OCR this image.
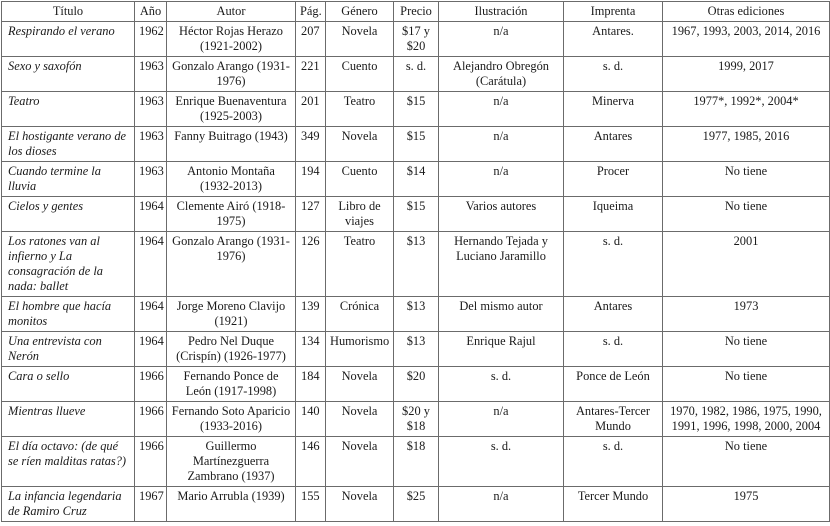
Título	Año	Autor	Pág.	Género	Precio	Ilustración	Imprenta	Otras ediciones
Respirando el verano	1962	Héctor Rojas Herazo (1921-2002)	207	Novela	$17 y $20	n/a	Antares.	1967, 1993, 2003, 2014, 2016
Sexo y saxofón	1963	Gonzalo Arango (1931-1976)	221	Cuento	s. d.	Alejandro Obregón (Carátula)	s. d.	1999, 2017
Teatro	1963	Enrique Buenaventura (1925-2003)	201	Teatro	$15	n/a	Minerva	1977*, 1992*, 2004*
El hostigante verano de los dioses	1963	Fanny Buitrago (1943)	349	Novela	$15	n/a	Antares	1977, 1985, 2016
Cuando termine la lluvia	1963	Antonio Montaña (1932-2013)	194	Cuento	$14	n/a	Procer	No tiene
Cielos y gentes	1964	Clemente Airó (1918-1975)	127	Libro de viajes	$15	Varios autores	Iqueima	No tiene
Los ratones van al infierno y La consagración de la nada: ballet	1964	Gonzalo Arango (1931-1976)	126	Teatro	$13	Hernando Tejada y Luciano Jaramillo	s. d.	2001
El hombre que hacía monitos	1964	Jorge Moreno Clavijo (1921)	139	Crónica	$13	Del mismo autor	Antares	1973
Una entrevista con Nerón	1964	Pedro Nel Duque (Crispín) (1926-1977)	134	Humorismo	$13	Enrique Rajul	s. d.	No tiene
Cara o sello	1966	Fernando Ponce de León (1917-1998)	184	Novela	$20	s. d.	Ponce de León	No tiene
Mientras llueve	1966	Fernando Soto Aparicio (1933-2016)	140	Novela	$20 y $18	n/a	Antares-Tercer Mundo	1970, 1982, 1986, 1975, 1990, 1991, 1996, 1998, 2000, 2004
El día octavo: (de qué se ríen malditas ratas?)	1966	Guillermo Martínezguerra Zambrano (1937)	146	Novela	$18	s. d.	s. d.	No tiene
La infancia legendaria de Ramiro Cruz	1967	Mario Arrubla (1939)	155	Novela	$25	n/a	Tercer Mundo	1975
